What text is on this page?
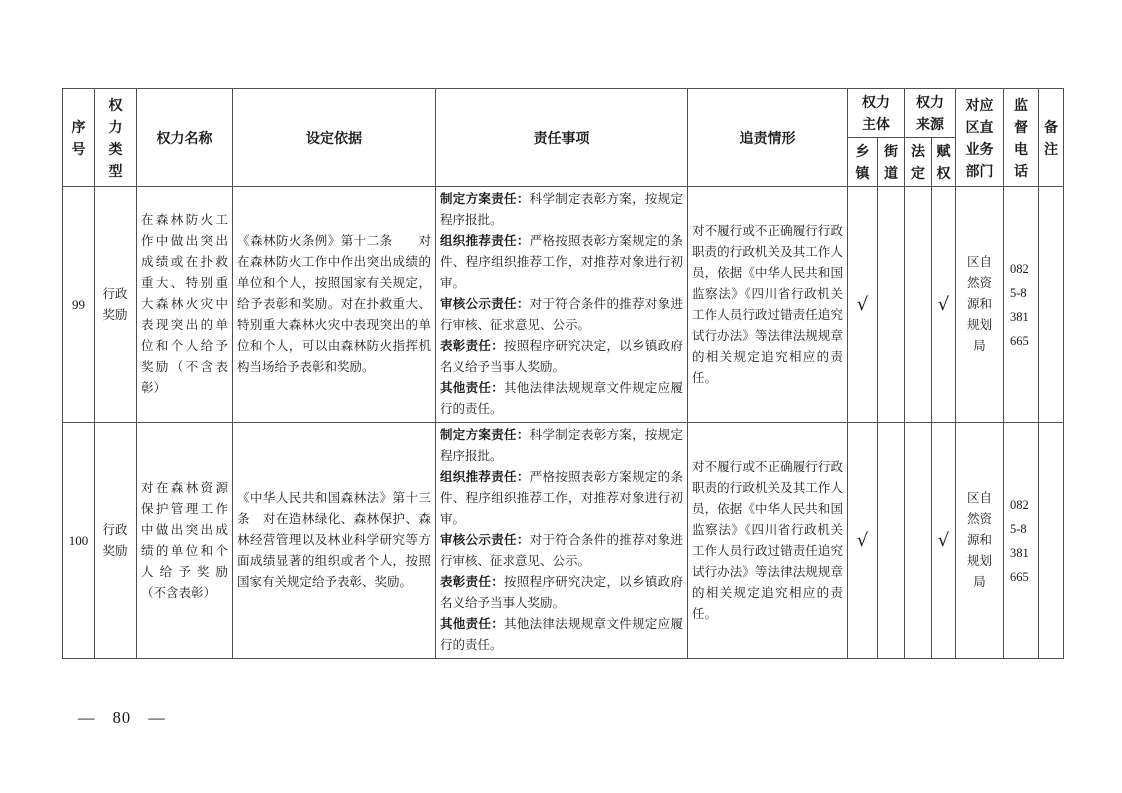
序号	权力类型	权力名称	设定依据	责任事项	追责情形	权力主体		权力来源		对应区直业务部门	监督电话	备注
						乡镇	街道	法定	赋权			
99	行政奖励	在森林防火工作中做出突出成绩或在扑救重大、特别重大森林火灾中表现突出的单位和个人给予奖励（不含表彰）	《森林防火条例》第十二条　　对在森林防火工作中作出突出成绩的单位和个人，按照国家有关规定，给予表彰和奖励。对在扑救重大、特别重大森林火灾中表现突出的单位和个人，可以由森林防火指挥机构当场给予表彰和奖励。	制定方案责任：科学制定表彰方案，按规定程序报批。
组织推荐责任：严格按照表彰方案规定的条件、程序组织推荐工作，对推荐对象进行初审。
审核公示责任：对于符合条件的推荐对象进行审核、征求意见、公示。
表彰责任：按照程序研究决定，以乡镇政府名义给予当事人奖励。
其他责任：其他法律法规规章文件规定应履行的责任。	对不履行或不正确履行行政职责的行政机关及其工作人员，依据《中华人民共和国监察法》《四川省行政机关工作人员行政过错责任追究试行办法》等法律法规规章的相关规定追究相应的责任。	√			√	区自然资源和规划局	0825-8381665	
100	行政奖励	对在森林资源保护管理工作中做出突出成绩的单位和个人给予奖励（不含表彰）	《中华人民共和国森林法》第十三条　对在造林绿化、森林保护、森林经营管理以及林业科学研究等方面成绩显著的组织或者个人，按照国家有关规定给予表彰、奖励。	制定方案责任：科学制定表彰方案，按规定程序报批。
组织推荐责任：严格按照表彰方案规定的条件、程序组织推荐工作，对推荐对象进行初审。
审核公示责任：对于符合条件的推荐对象进行审核、征求意见、公示。
表彰责任：按照程序研究决定，以乡镇政府名义给予当事人奖励。
其他责任：其他法律法规规章文件规定应履行的责任。	对不履行或不正确履行行政职责的行政机关及其工作人员，依据《中华人民共和国监察法》《四川省行政机关工作人员行政过错责任追究试行办法》等法律法规规章的相关规定追究相应的责任。	√			√	区自然资源和规划局	0825-8381665	
— 80 —
